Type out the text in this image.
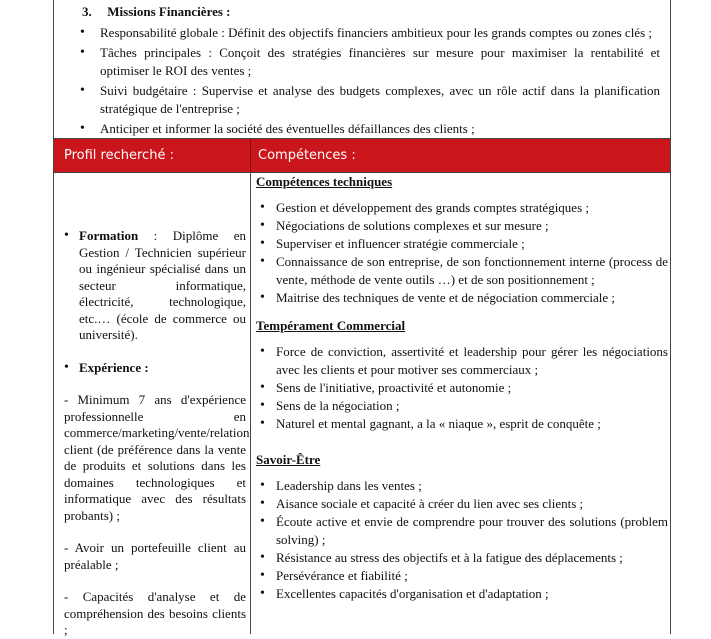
3. Missions Financières :
• Responsabilité globale : Définit des objectifs financiers ambitieux pour les grands comptes ou zones clés ;
• Tâches principales : Conçoit des stratégies financières sur mesure pour maximiser la rentabilité et optimiser le ROI des ventes ;
• Suivi budgétaire : Supervise et analyse des budgets complexes, avec un rôle actif dans la planification stratégique de l'entreprise ;
• Anticiper et informer la société des éventuelles défaillances des clients ;
Profil recherché :	Compétences :

• Formation : Diplôme en Gestion / Technicien supérieur ou ingénieur spécialisé dans un secteur informatique, électricité, technologique, etc.… (école de commerce ou université).

• Expérience :

- Minimum 7 ans d'expérience professionnelle en commerce/marketing/vente/relation client (de préférence dans la vente de produits et solutions dans les domaines technologiques et informatique avec des résultats probants) ;

- Avoir un portefeuille client au préalable ;

- Capacités d'analyse et de compréhension des besoins clients ;

Compétences techniques

• Gestion et développement des grands comptes stratégiques ;
• Négociations de solutions complexes et sur mesure ;
• Superviser et influencer stratégie commerciale ;
• Connaissance de son entreprise, de son fonctionnement interne (process de vente, méthode de vente outils …) et de son positionnement ;
• Maitrise des techniques de vente et de négociation commerciale ;

Tempérament Commercial

• Force de conviction, assertivité et leadership pour gérer les négociations avec les clients et pour motiver ses commerciaux ;
• Sens de l'initiative, proactivité et autonomie ;
• Sens de la négociation ;
• Naturel et mental gagnant, a la « niaque », esprit de conquête ;

Savoir-Être

• Leadership dans les ventes ;
• Aisance sociale et capacité à créer du lien avec ses clients ;
• Écoute active et envie de comprendre pour trouver des solutions (problem solving) ;
• Résistance au stress des objectifs et à la fatigue des déplacements ;
• Persévérance et fiabilité ;
• Excellentes capacités d'organisation et d'adaptation ;
